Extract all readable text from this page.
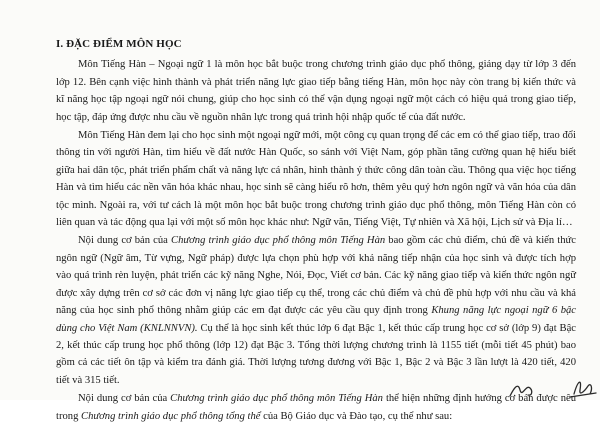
I. ĐẶC ĐIỂM MÔN HỌC

Môn Tiếng Hàn – Ngoại ngữ 1 là môn học bắt buộc trong chương trình giáo dục phổ thông, giảng dạy từ lớp 3 đến lớp 12. Bên cạnh việc hình thành và phát triển năng lực giao tiếp bằng tiếng Hàn, môn học này còn trang bị kiến thức và kĩ năng học tập ngoại ngữ nói chung, giúp cho học sinh có thể vận dụng ngoại ngữ một cách có hiệu quả trong giao tiếp, học tập, đáp ứng được nhu cầu về nguồn nhân lực trong quá trình hội nhập quốc tế của đất nước.

Môn Tiếng Hàn đem lại cho học sinh một ngoại ngữ mới, một công cụ quan trọng để các em có thể giao tiếp, trao đổi thông tin với người Hàn, tìm hiểu về đất nước Hàn Quốc, so sánh với Việt Nam, góp phần tăng cường quan hệ hiểu biết giữa hai dân tộc, phát triển phẩm chất và năng lực cá nhân, hình thành ý thức công dân toàn cầu. Thông qua việc học tiếng Hàn và tìm hiểu các nền văn hóa khác nhau, học sinh sẽ càng hiểu rõ hơn, thêm yêu quý hơn ngôn ngữ và văn hóa của dân tộc mình. Ngoài ra, với tư cách là một môn học bắt buộc trong chương trình giáo dục phổ thông, môn Tiếng Hàn còn có liên quan và tác động qua lại với một số môn học khác như: Ngữ văn, Tiếng Việt, Tự nhiên và Xã hội, Lịch sử và Địa lí…

Nội dung cơ bản của Chương trình giáo dục phổ thông môn Tiếng Hàn bao gồm các chủ điểm, chủ đề và kiến thức ngôn ngữ (Ngữ âm, Từ vựng, Ngữ pháp) được lựa chọn phù hợp với khả năng tiếp nhận của học sinh và được tích hợp vào quá trình rèn luyện, phát triển các kỹ năng Nghe, Nói, Đọc, Viết cơ bản. Các kỹ năng giao tiếp và kiến thức ngôn ngữ được xây dựng trên cơ sở các đơn vị năng lực giao tiếp cụ thể, trong các chủ điểm và chủ đề phù hợp với nhu cầu và khả năng của học sinh phổ thông nhằm giúp các em đạt được các yêu cầu quy định trong Khung năng lực ngoại ngữ 6 bậc dùng cho Việt Nam (KNLNNVN). Cụ thể là học sinh kết thúc lớp 6 đạt Bậc 1, kết thúc cấp trung học cơ sở (lớp 9) đạt Bậc 2, kết thúc cấp trung học phổ thông (lớp 12) đạt Bậc 3. Tổng thời lượng chương trình là 1155 tiết (mỗi tiết 45 phút) bao gồm cả các tiết ôn tập và kiểm tra đánh giá. Thời lượng tương đương với Bậc 1, Bậc 2 và Bậc 3 lần lượt là 420 tiết, 420 tiết và 315 tiết.

Nội dung cơ bản của Chương trình giáo dục phổ thông môn Tiếng Hàn thể hiện những định hướng cơ bản được nêu trong Chương trình giáo dục phổ thông tổng thể của Bộ Giáo dục và Đào tạo, cụ thể như sau:
